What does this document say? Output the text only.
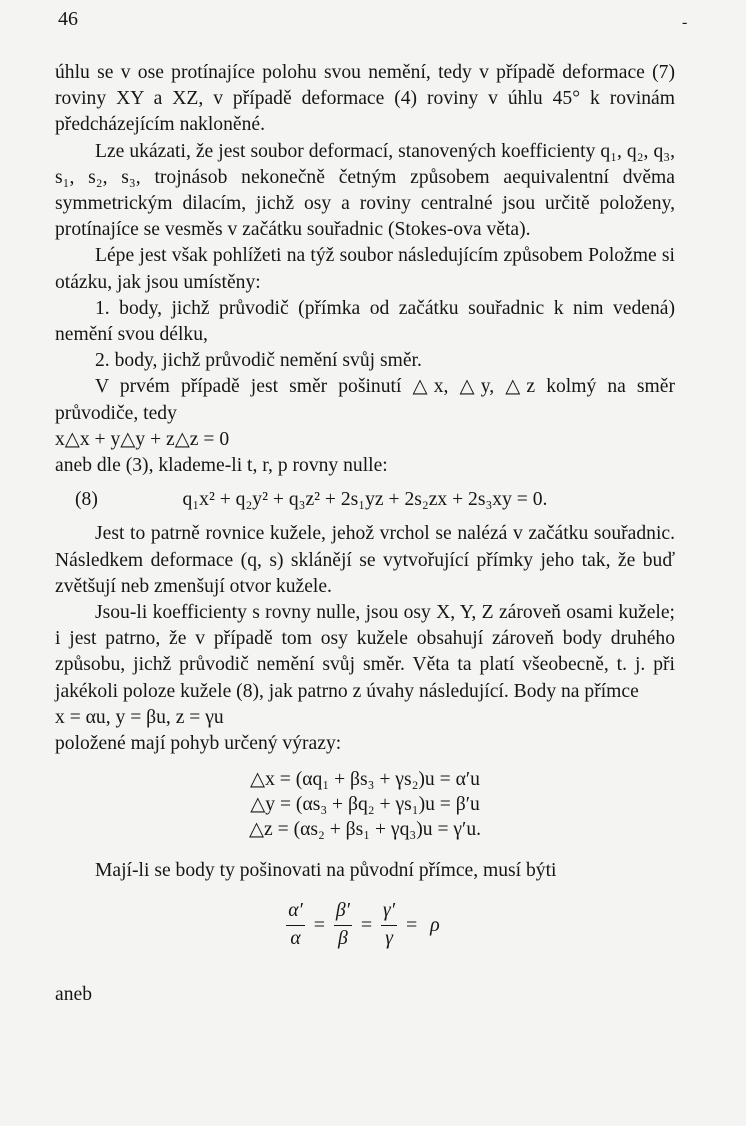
46	-

úhlu se v ose protínajíce polohu svou nemění, tedy v případě deformace (7) roviny XY a XZ, v případě deformace (4) roviny v úhlu 45° k rovinám předcházejícím nakloněné.

Lze ukázati, že jest soubor deformací, stanovených koefficienty q₁, q₂, q₃, s₁, s₂, s₃, trojnásob nekonečně četným způsobem aequivalentní dvěma symmetrickým dilacím, jichž osy a roviny centralné jsou určitě položeny, protínajíce se vesměs v začátku souřadnic (Stokes-ova věta).

Lépe jest však pohlížeti na týž soubor následujícím způsobem Položme si otázku, jak jsou umístěny:

1. body, jichž průvodič (přímka od začátku souřadnic k nim vedená) nemění svou délku,

2. body, jichž průvodič nemění svůj směr.

V prvém případě jest směr pošinutí △x, △y, △z kolmý na směr průvodiče, tedy

x△x + y△y + z△z = 0

aneb dle (3), klademe-li t, r, p rovny nulle:

(8)	q₁x² + q₂y² + q₃z² + 2s₁yz + 2s₂zx + 2s₃xy = 0.

Jest to patrně rovnice kužele, jehož vrchol se nalézá v začátku souřadnic. Následkem deformace (q, s) sklánějí se vytvořující přímky jeho tak, že buď zvětšují neb zmenšují otvor kužele.

Jsou-li koefficienty s rovny nulle, jsou osy X, Y, Z zároveň osami kužele; i jest patrno, že v případě tom osy kužele obsahují zároveň body druhého způsobu, jichž průvodič nemění svůj směr. Věta ta platí všeobecně, t. j. při jakékoli poloze kužele (8), jak patrno z úvahy následující. Body na přímce

x = αu, y = βu, z = γu

položené mají pohyb určený výrazy:

△x = (αq₁ + βs₃ + γs₂)u = α′u
△y = (αs₃ + βq₂ + γs₁)u = β′u
△z = (αs₂ + βs₁ + γq₃)u = γ′u.

Mají-li se body ty pošinovati na původní přímce, musí býti

$\frac{\alpha'}{\alpha} = \frac{\beta'}{\beta} = \frac{\gamma'}{\gamma} = \rho$

aneb
